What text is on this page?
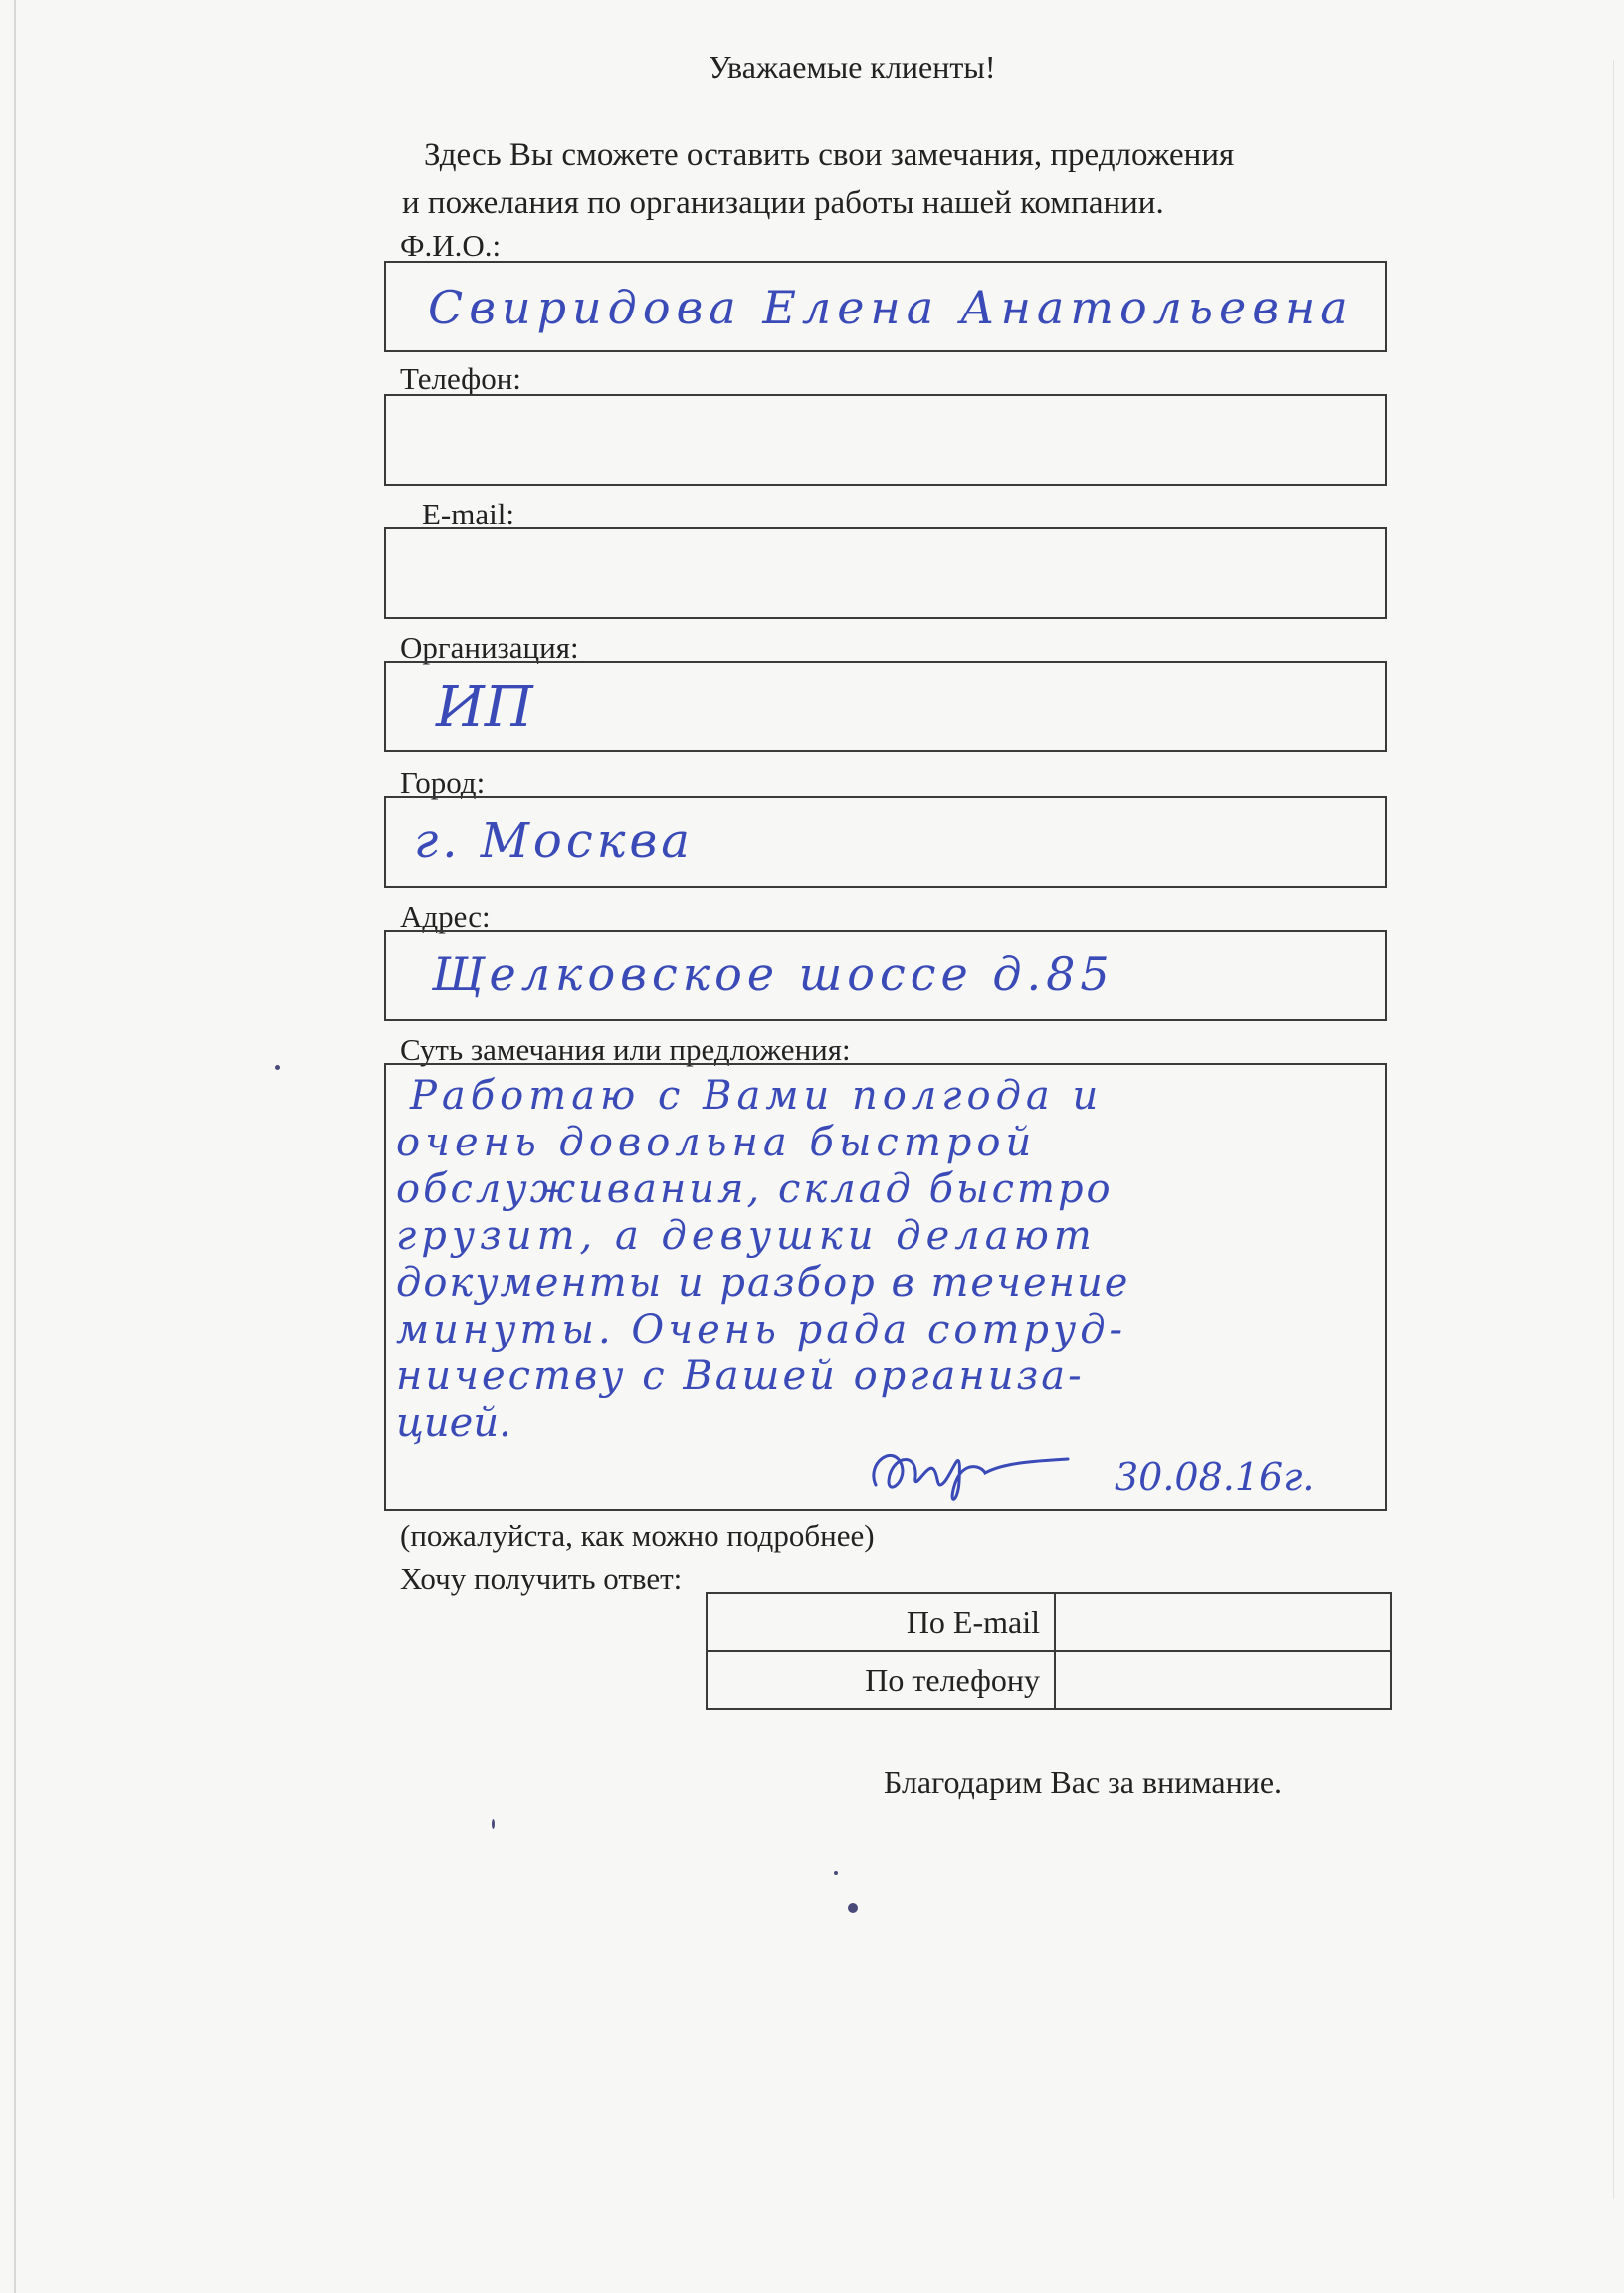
Уважаемые клиенты!
Здесь Вы сможете оставить свои замечания, предложения
и пожелания по организации работы нашей компании.
Ф.И.О.:
Свиридова Елена Анатольевна
Телефон:
E-mail:
Организация:
ИП
Город:
г. Москва
Адрес:
Щелковское шоссе д.85
Суть замечания или предложения:
Работаю с Вами полгода и
очень довольна быстрой
обслуживания, склад быстро
грузит, а девушки делают
документы и разбор в течение
минуты. Очень рада сотруд-
ничеству с Вашей организа-
цией.
30.08.16г.
(пожалуйста, как можно подробнее)
Хочу получить ответ:
По E-mail	
По телефону	
Благодарим Вас за внимание.
